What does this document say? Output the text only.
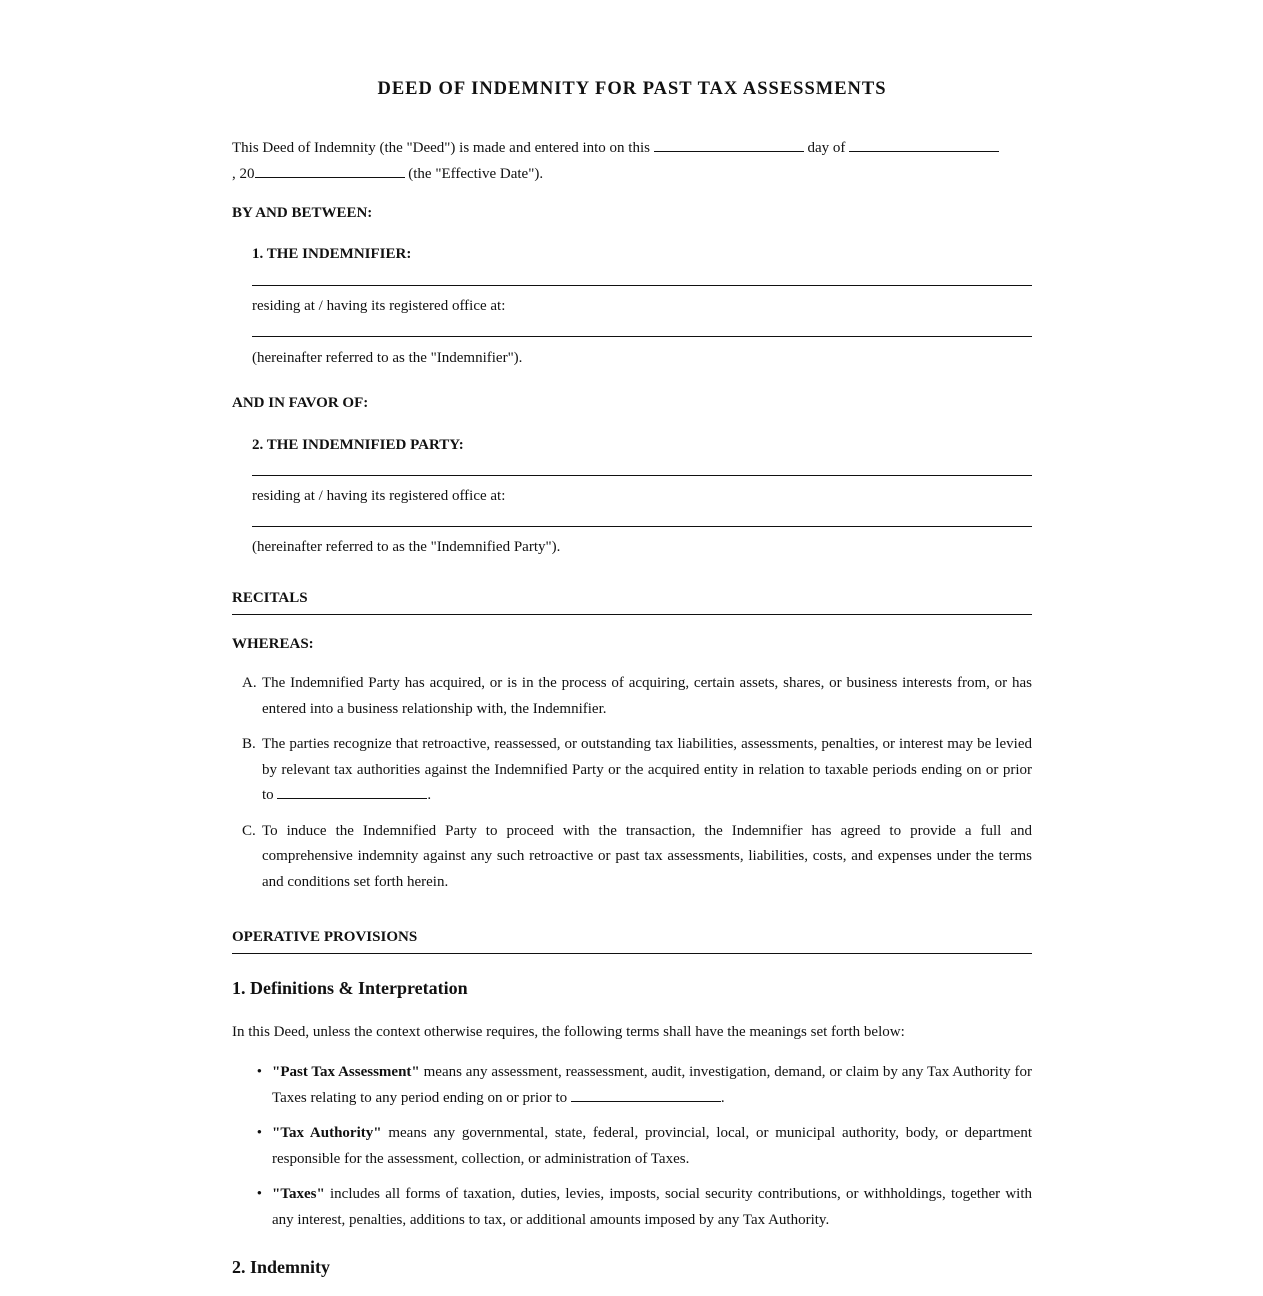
DEED OF INDEMNITY FOR PAST TAX ASSESSMENTS

This Deed of Indemnity (the "Deed") is made and entered into on this	day of
, 20	(the "Effective Date").

BY AND BETWEEN:
1. THE INDEMNIFIER:
residing at / having its registered office at:
(hereinafter referred to as the "Indemnifier").
AND IN FAVOR OF:
2. THE INDEMNIFIED PARTY:
residing at / having its registered office at:
(hereinafter referred to as the "Indemnified Party").
RECITALS
WHEREAS:
A. The Indemnified Party has acquired, or is in the process of acquiring, certain assets, shares, or business interests from, or has entered into a business relationship with, the Indemnifier.
B. The parties recognize that retroactive, reassessed, or outstanding tax liabilities, assessments, penalties, or interest may be levied by relevant tax authorities against the Indemnified Party or the acquired entity in relation to taxable periods ending on or prior to	.
C. To induce the Indemnified Party to proceed with the transaction, the Indemnifier has agreed to provide a full and comprehensive indemnity against any such retroactive or past tax assessments, liabilities, costs, and expenses under the terms and conditions set forth herein.
OPERATIVE PROVISIONS
1. Definitions & Interpretation

In this Deed, unless the context otherwise requires, the following terms shall have the meanings set forth below:

• "Past Tax Assessment" means any assessment, reassessment, audit, investigation, demand, or claim by any Tax Authority for Taxes relating to any period ending on or prior to	.
• "Tax Authority" means any governmental, state, federal, provincial, local, or municipal authority, body, or department responsible for the assessment, collection, or administration of Taxes.
• "Taxes" includes all forms of taxation, duties, levies, imposts, social security contributions, or withholdings, together with any interest, penalties, additions to tax, or additional amounts imposed by any Tax Authority.
2. Indemnity
